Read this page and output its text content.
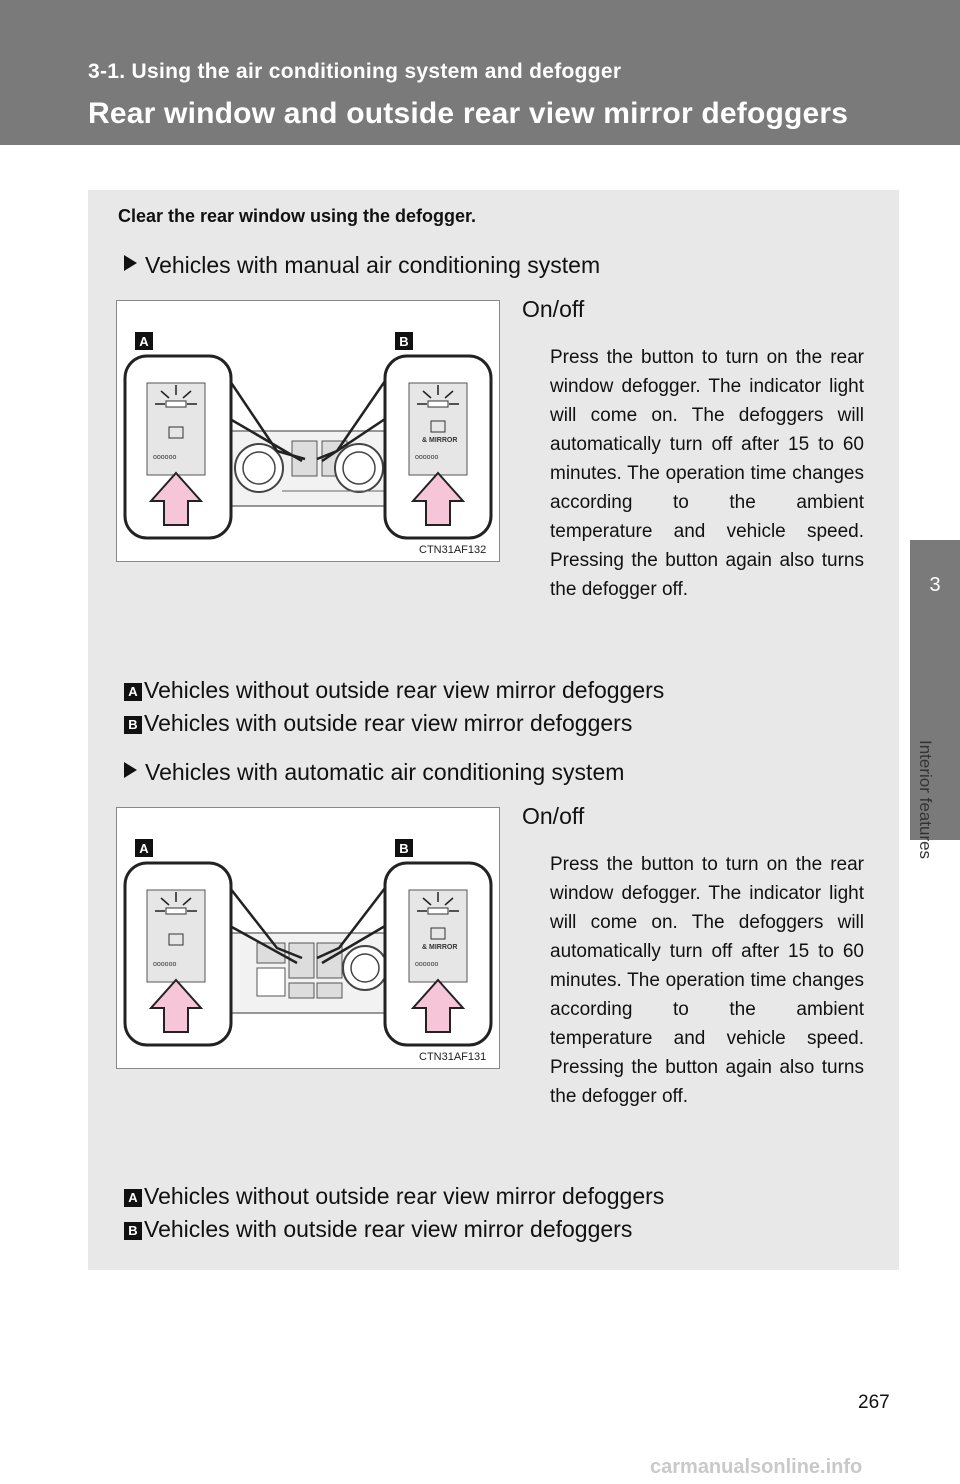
3-1. Using the air conditioning system and defogger
Rear window and outside rear view mirror defoggers
3
Interior features
Clear the rear window using the defogger.
Vehicles with manual air conditioning system
oooooo
& MIRROR
oooooo
A	B
CTN31AF132
On/off
Press the button to turn on the rear window defogger. The indicator light will come on. The defoggers will automatically turn off after 15 to 60 minutes. The operation time changes according to the ambient temperature and vehicle speed. Pressing the button again also turns the defogger off.
A Vehicles without outside rear view mirror defoggers
B Vehicles with outside rear view mirror defoggers
Vehicles with automatic air conditioning system
oooooo
& MIRROR
oooooo
A	B
CTN31AF131
On/off
Press the button to turn on the rear window defogger. The indicator light will come on. The defoggers will automatically turn off after 15 to 60 minutes. The operation time changes according to the ambient temperature and vehicle speed. Pressing the button again also turns the defogger off.
A Vehicles without outside rear view mirror defoggers
B Vehicles with outside rear view mirror defoggers
267
carmanualsonline.info
